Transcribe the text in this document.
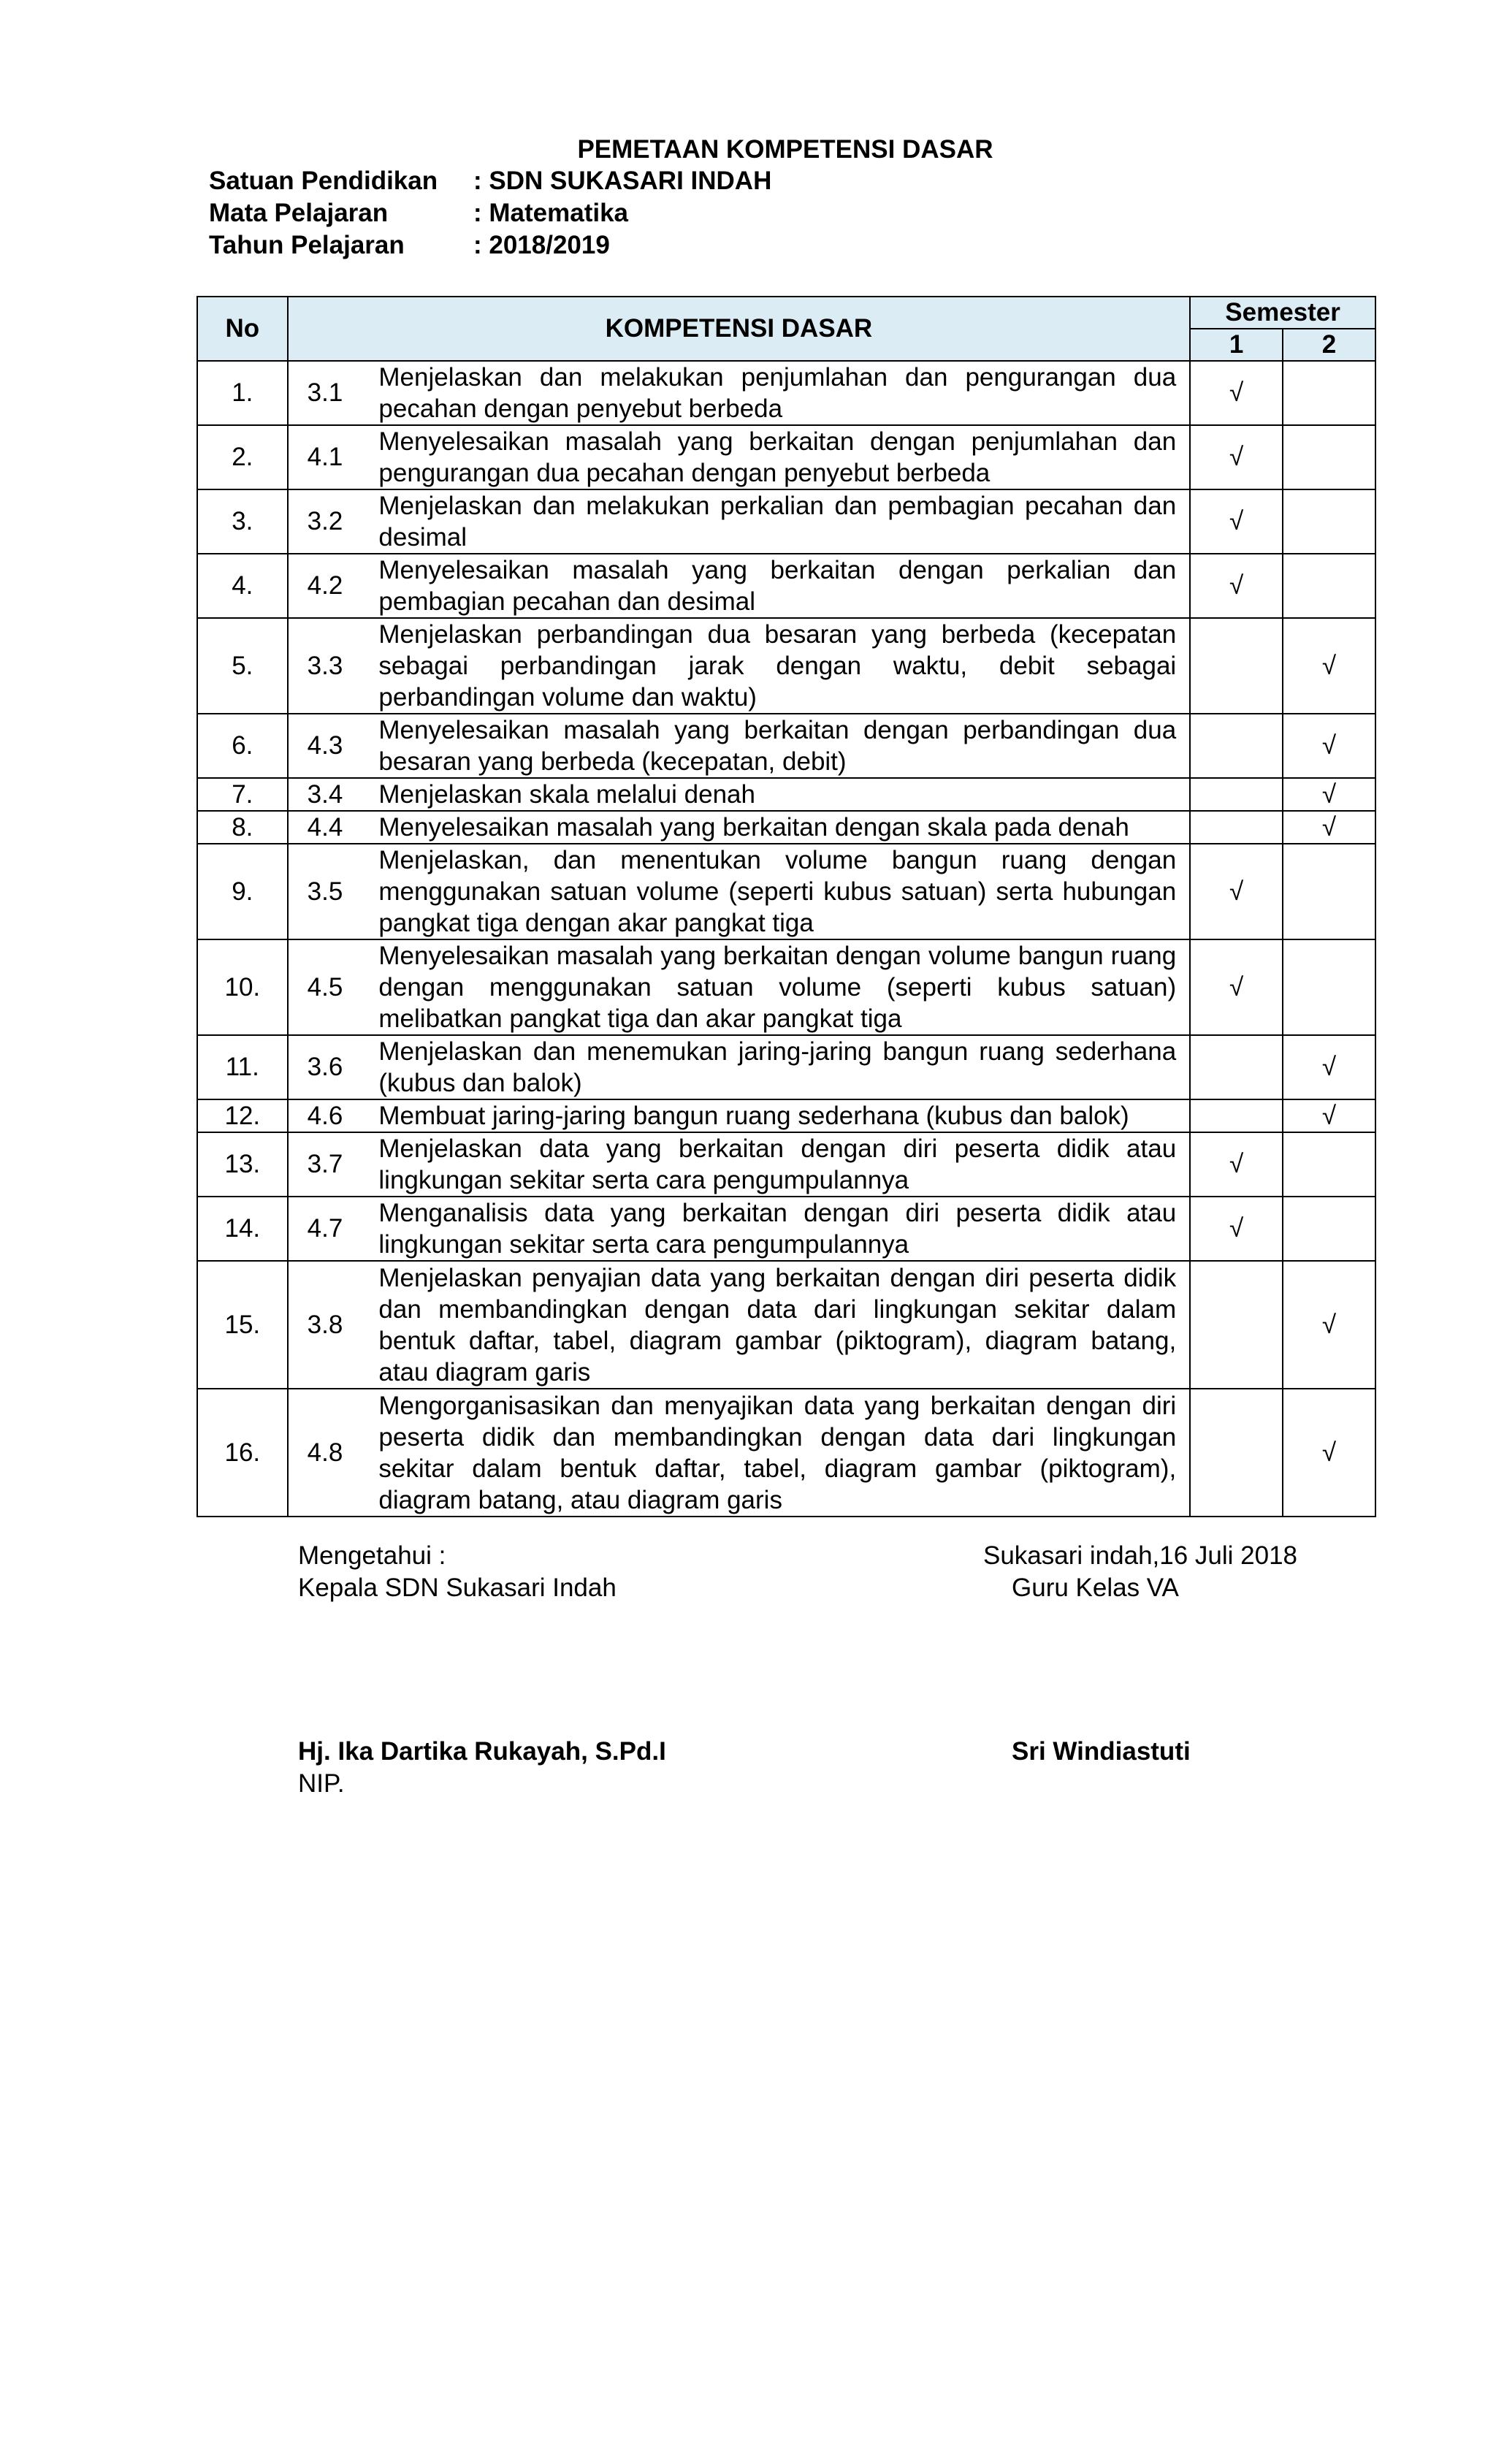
PEMETAAN KOMPETENSI DASAR
Satuan Pendidikan : SDN SUKASARI INDAH
Mata Pelajaran	: Matematika
Tahun Pelajaran	: 2018/2019
No	KOMPETENSI DASAR		Semester	
			1	2
1.	3.1	Menjelaskan dan melakukan penjumlahan dan pengurangan dua pecahan dengan penyebut berbeda	√	
2.	4.1	Menyelesaikan masalah yang berkaitan dengan penjumlahan dan pengurangan dua pecahan dengan penyebut berbeda	√	
3.	3.2	Menjelaskan dan melakukan perkalian dan pembagian pecahan dan desimal	√	
4.	4.2	Menyelesaikan masalah yang berkaitan dengan perkalian dan pembagian pecahan dan desimal	√	
5.	3.3	Menjelaskan perbandingan dua besaran yang berbeda (kecepatan sebagai perbandingan jarak dengan waktu, debit sebagai perbandingan volume dan waktu)		√
6.	4.3	Menyelesaikan masalah yang berkaitan dengan perbandingan dua besaran yang berbeda (kecepatan, debit)		√
7.	3.4	Menjelaskan skala melalui denah		√
8.	4.4	Menyelesaikan masalah yang berkaitan dengan skala pada denah		√
9.	3.5	Menjelaskan, dan menentukan volume bangun ruang dengan menggunakan satuan volume (seperti kubus satuan) serta hubungan pangkat tiga dengan akar pangkat tiga	√	
10.	4.5	Menyelesaikan masalah yang berkaitan dengan volume bangun ruang dengan menggunakan satuan volume (seperti kubus satuan) melibatkan pangkat tiga dan akar pangkat tiga	√	
11.	3.6	Menjelaskan dan menemukan jaring-jaring bangun ruang sederhana (kubus dan balok)		√
12.	4.6	Membuat jaring-jaring bangun ruang sederhana (kubus dan balok)		√
13.	3.7	Menjelaskan data yang berkaitan dengan diri peserta didik atau lingkungan sekitar serta cara pengumpulannya	√	
14.	4.7	Menganalisis data yang berkaitan dengan diri peserta didik atau lingkungan sekitar serta cara pengumpulannya	√	
15.	3.8	Menjelaskan penyajian data yang berkaitan dengan diri peserta didik dan membandingkan dengan data dari lingkungan sekitar dalam bentuk daftar, tabel, diagram gambar (piktogram), diagram batang, atau diagram garis		√
16.	4.8	Mengorganisasikan dan menyajikan data yang berkaitan dengan diri peserta didik dan membandingkan dengan data dari lingkungan sekitar dalam bentuk daftar, tabel, diagram gambar (piktogram), diagram batang, atau diagram garis		√
Mengetahui :
Kepala SDN Sukasari Indah
Hj. Ika Dartika Rukayah, S.Pd.I
NIP.
Sukasari indah,16 Juli 2018
Guru Kelas VA
Sri Windiastuti
